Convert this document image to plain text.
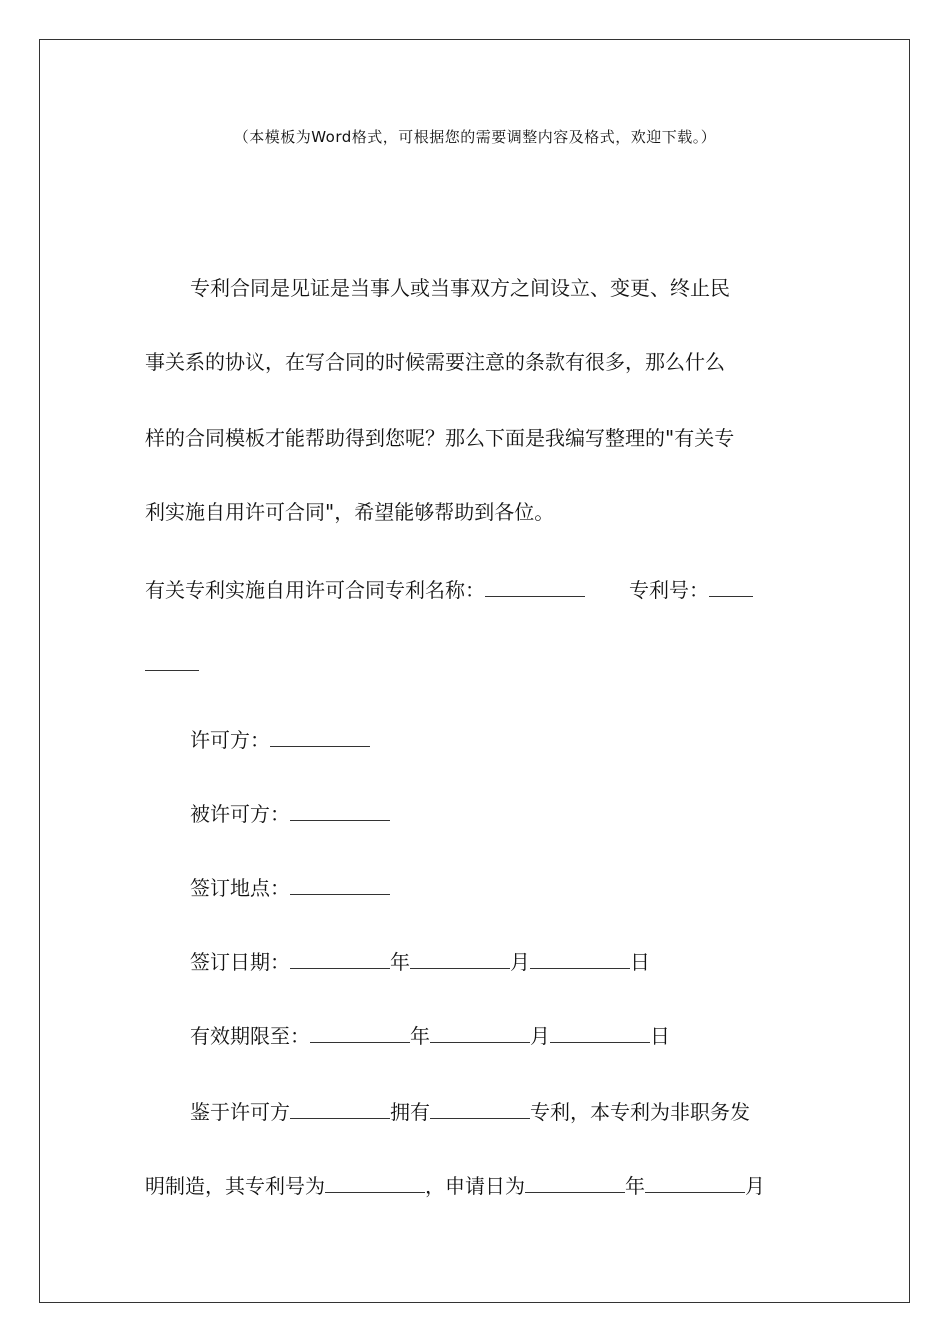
（本模板为Word格式，可根据您的需要调整内容及格式，欢迎下载。）
专利合同是见证是当事人或当事双方之间设立、变更、终止民
事关系的协议，在写合同的时候需要注意的条款有很多，那么什么
样的合同模板才能帮助得到您呢？那么下面是我编写整理的"有关专
利实施自用许可合同"，希望能够帮助到各位。
有关专利实施自用许可合同专利名称：	专利号：
许可方：
被许可方：
签订地点：
签订日期：	年	月	日
有效期限至：	年	月	日
鉴于许可方	拥有	专利，本专利为非职务发
明制造，其专利号为	，申请日为	年	月
